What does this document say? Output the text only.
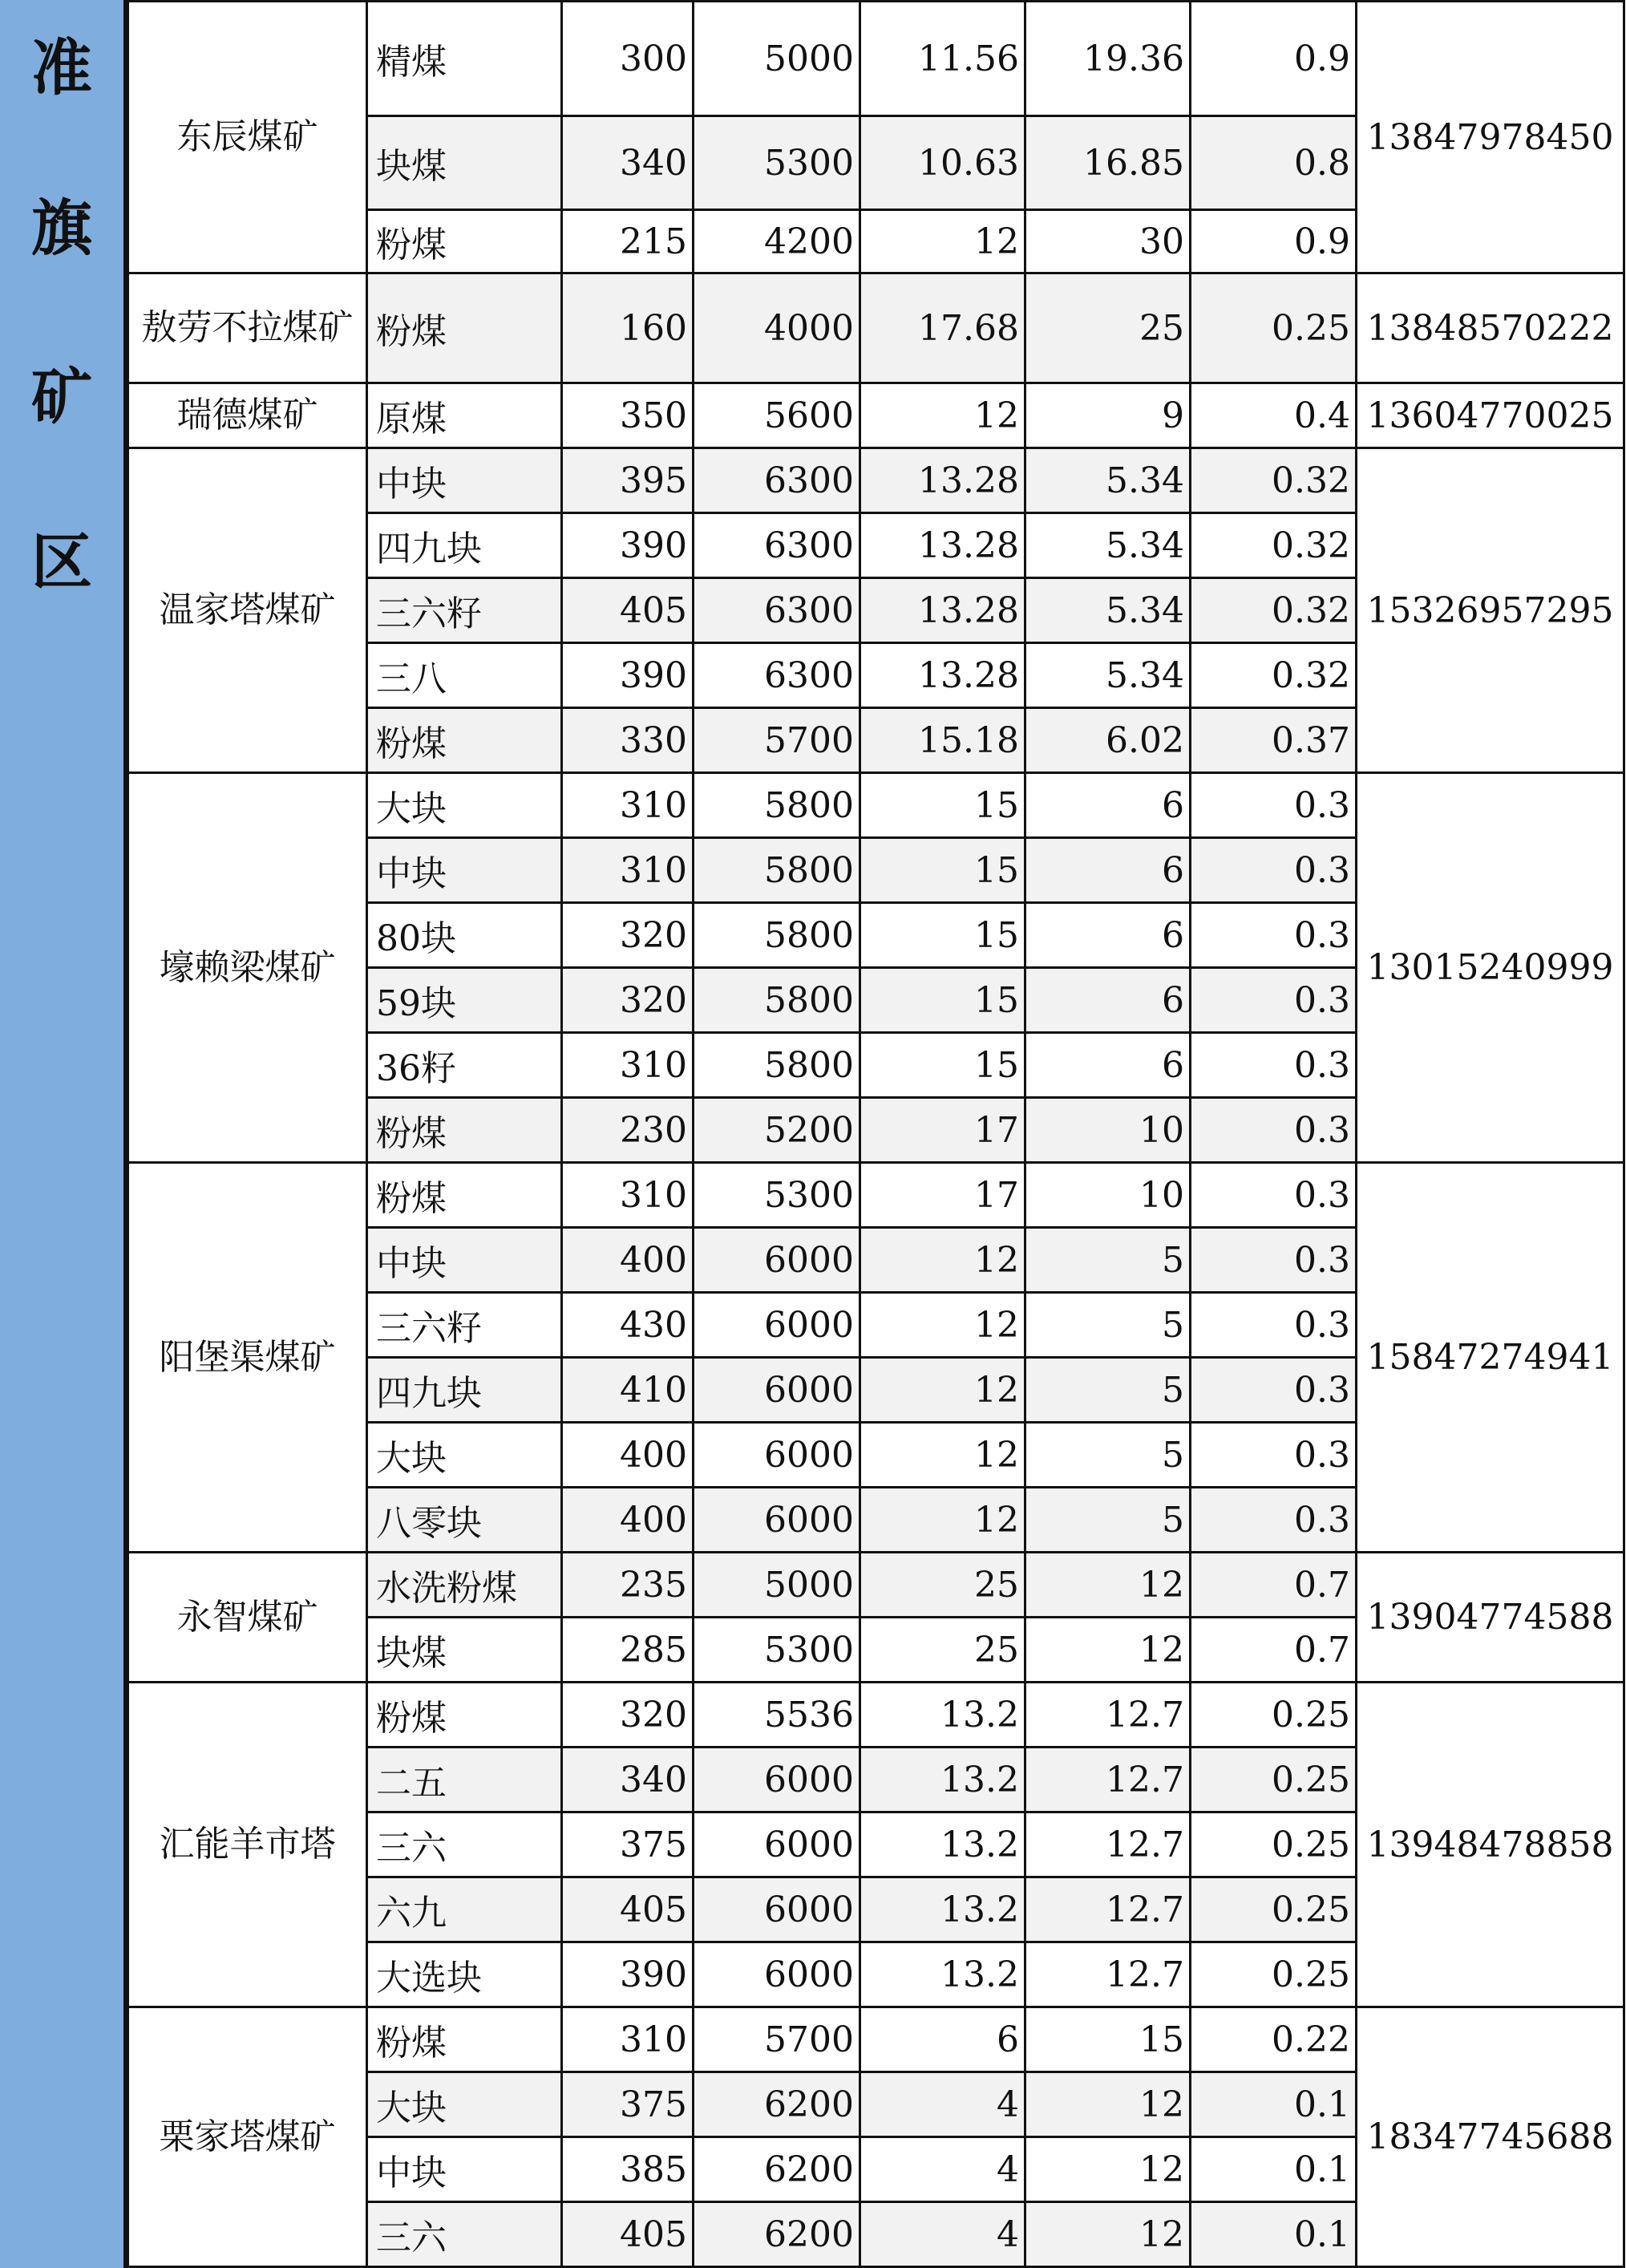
准
旗
矿
区
东辰煤矿	精煤	300	5000	11.56	19.36	0.9	13847978450
	块煤	340	5300	10.63	16.85	0.8	
	粉煤	215	4200	12	30	0.9	
敖劳不拉煤矿	粉煤	160	4000	17.68	25	0.25	13848570222
瑞德煤矿	原煤	350	5600	12	9	0.4	13604770025
温家塔煤矿	中块	395	6300	13.28	5.34	0.32	15326957295
	四九块	390	6300	13.28	5.34	0.32	
	三六籽	405	6300	13.28	5.34	0.32	
	三八	390	6300	13.28	5.34	0.32	
	粉煤	330	5700	15.18	6.02	0.37	
壕赖梁煤矿	大块	310	5800	15	6	0.3	13015240999
	中块	310	5800	15	6	0.3	
	80块	320	5800	15	6	0.3	
	59块	320	5800	15	6	0.3	
	36籽	310	5800	15	6	0.3	
	粉煤	230	5200	17	10	0.3	
阳堡渠煤矿	粉煤	310	5300	17	10	0.3	15847274941
	中块	400	6000	12	5	0.3	
	三六籽	430	6000	12	5	0.3	
	四九块	410	6000	12	5	0.3	
	大块	400	6000	12	5	0.3	
	八零块	400	6000	12	5	0.3	
永智煤矿	水洗粉煤	235	5000	25	12	0.7	13904774588
	块煤	285	5300	25	12	0.7	
汇能羊市塔	粉煤	320	5536	13.2	12.7	0.25	13948478858
	二五	340	6000	13.2	12.7	0.25	
	三六	375	6000	13.2	12.7	0.25	
	六九	405	6000	13.2	12.7	0.25	
	大选块	390	6000	13.2	12.7	0.25	
栗家塔煤矿	粉煤	310	5700	6	15	0.22	18347745688
	大块	375	6200	4	12	0.1	
	中块	385	6200	4	12	0.1	
	三六	405	6200	4	12	0.1	
